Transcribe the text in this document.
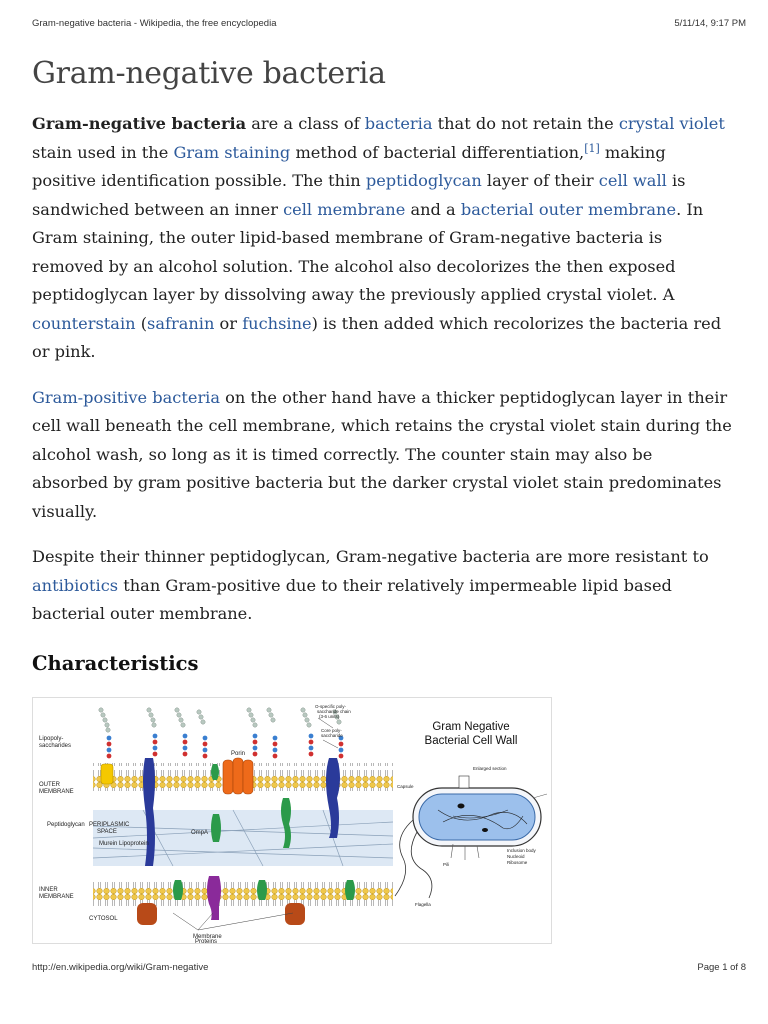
Gram-negative bacteria - Wikipedia, the free encyclopedia	5/11/14, 9:17 PM
Gram-negative bacteria

Gram-negative bacteria are a class of bacteria that do not retain the crystal violet stain used in the Gram staining method of bacterial differentiation,[1] making positive identification possible. The thin peptidoglycan layer of their cell wall is sandwiched between an inner cell membrane and a bacterial outer membrane. In Gram staining, the outer lipid-based membrane of Gram-negative bacteria is removed by an alcohol solution. The alcohol also decolorizes the then exposed peptidoglycan layer by dissolving away the previously applied crystal violet. A counterstain (safranin or fuchsine) is then added which recolorizes the bacteria red or pink.

Gram-positive bacteria on the other hand have a thicker peptidoglycan layer in their cell wall beneath the cell membrane, which retains the crystal violet stain during the alcohol wash, so long as it is timed correctly. The counter stain may also be absorbed by gram positive bacteria but the darker crystal violet stain predominates visually.

Despite their thinner peptidoglycan, Gram-negative bacteria are more resistant to antibiotics than Gram-positive due to their relatively impermeable lipid based bacterial outer membrane.

Characteristics
Lipopoly-
saccharides
OUTER
MEMBRANE
Peptidoglycan PERIPLASMIC
SPACE
Murein Lipoprotein
OmpA
Porin
INNER
MEMBRANE
CYTOSOL
Membrane
Proteins
O-specific poly-
saccharide chain
(3-6 units)
Core poly-
saccharide
Gram Negative
Bacterial Cell Wall
Enlarged section
Capsule
Flagella
Pili
Inclusion body
Nucleoid
Ribosome
http://en.wikipedia.org/wiki/Gram-negative	Page 1 of 8
